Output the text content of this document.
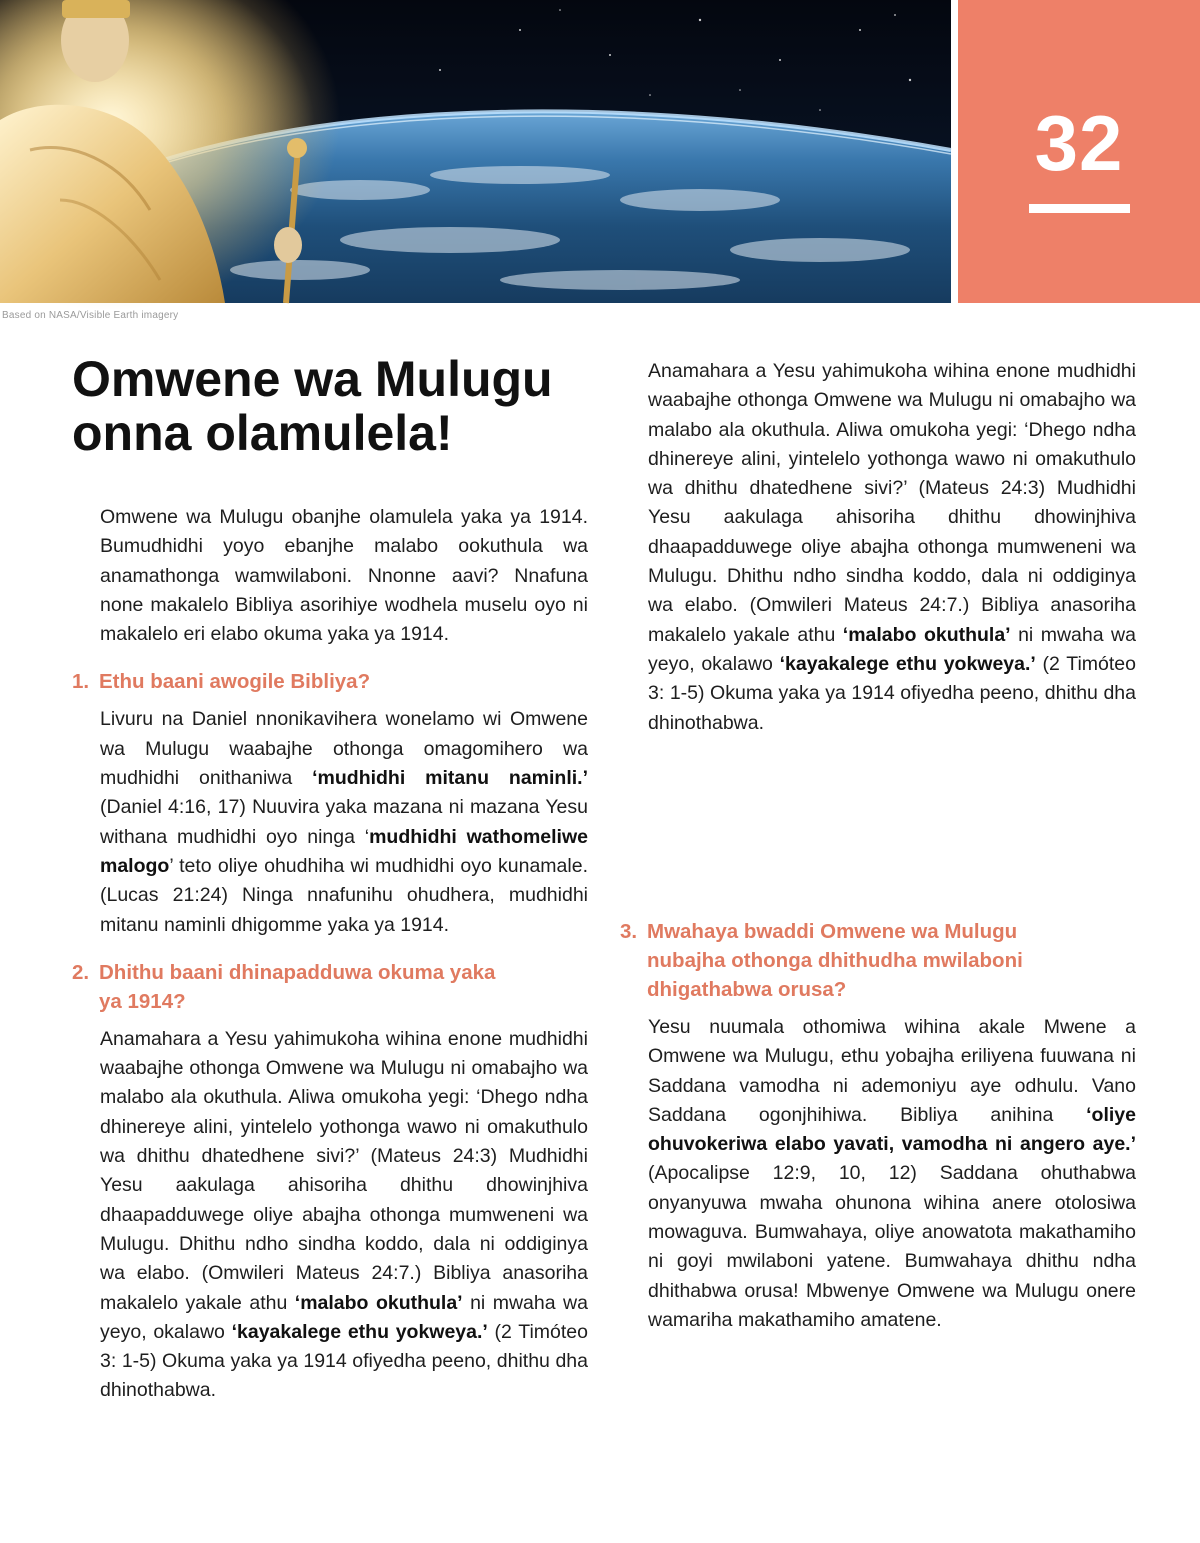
Based on NASA/Visible Earth imagery
32
Omwene wa Mulugu
onna olamulela!

Omwene wa Mulugu obanjhe olamulela yaka ya 1914. Bumudhidhi yoyo ebanjhe malabo ookuthula wa anamathonga wamwilaboni. Nnonne aavi? Nnafuna none makalelo Bibliya asorihiye wodhela muselu oyo ni makalelo eri elabo okuma yaka ya 1914.

1. Ethu baani awogile Bibliya?

Livuru na Daniel nnonikavihera wonelamo wi Omwene wa Mulugu waabajhe othonga omagomihero wa mudhidhi onithaniwa ‘mudhidhi mitanu naminli.’ (Daniel 4:16, 17) Nuuvira yaka mazana ni mazana Yesu withana mudhidhi oyo ninga ‘mudhidhi wathomeliwe malogo’ teto oliye ohudhiha wi mudhidhi oyo kunamale. (Lucas 21:24) Ninga nnafunihu ohudhera, mudhidhi mitanu naminli dhigomme yaka ya 1914.

2. Dhithu baani dhinapadduwa okuma yaka ya 1914?

Anamahara a Yesu yahimukoha wihina enone mudhidhi waabajhe othonga Omwene wa Mulugu ni omabajho wa malabo ala okuthula. Aliwa omukoha yegi: ‘Dhego ndha dhinereye alini, yintelelo yothonga wawo ni omakuthulo wa dhithu dhatedhene sivi?’ (Mateus 24:3) Mudhidhi Yesu aakulaga ahisoriha dhithu dhowinjhiva dhaapadduwege oliye abajha othonga mumweneni wa Mulugu. Dhithu ndho sindha koddo, dala ni oddiginya wa elabo. (Omwileri Mateus 24:7.) Bibliya anasoriha makalelo yakale athu ‘malabo okuthula’ ni mwaha wa yeyo, okalawo ‘kayakalege ethu yokweya.’ (2 Timóteo 3: 1-5) Okuma yaka ya 1914 ofiyedha peeno, dhithu dha dhinothabwa.

Anamahara a Yesu yahimukoha wihina enone mudhidhi waabajhe othonga Omwene wa Mulugu ni omabajho wa malabo ala okuthula. Aliwa omukoha yegi: ‘Dhego ndha dhinereye alini, yintelelo yothonga wawo ni omakuthulo wa dhithu dhatedhene sivi?’ (Mateus 24:3) Mudhidhi Yesu aakulaga ahisoriha dhithu dhowinjhiva dhaapadduwege oliye abajha othonga mumweneni wa Mulugu. Dhithu ndho sindha koddo, dala ni oddiginya wa elabo. (Omwileri Mateus 24:7.) Bibliya anasoriha makalelo yakale athu ‘malabo okuthula’ ni mwaha wa yeyo, okalawo ‘kayakalege ethu yokweya.’ (2 Timóteo 3: 1-5) Okuma yaka ya 1914 ofiyedha peeno, dhithu dha dhinothabwa.

3. Mwahaya bwaddi Omwene wa Mulugu nubajha othonga dhithudha mwilaboni dhigathabwa orusa?

Yesu nuumala othomiwa wihina akale Mwene a Omwene wa Mulugu, ethu yobajha eriliyena fuuwana ni Saddana vamodha ni ademoniyu aye odhulu. Vano Saddana ogonjhihiwa. Bibliya anihina ‘oliye ohuvokeriwa elabo yavati, vamodha ni angero aye.’ (Apocalipse 12:9, 10, 12) Saddana ohuthabwa onyanyuwa mwaha ohunona wihina anere otolosiwa mowaguva. Bumwahaya, oliye anowatota makathamiho ni goyi mwilaboni yatene. Bumwahaya dhithu ndha dhithabwa orusa! Mbwenye Omwene wa Mulugu onere wamariha makathamiho amatene.
